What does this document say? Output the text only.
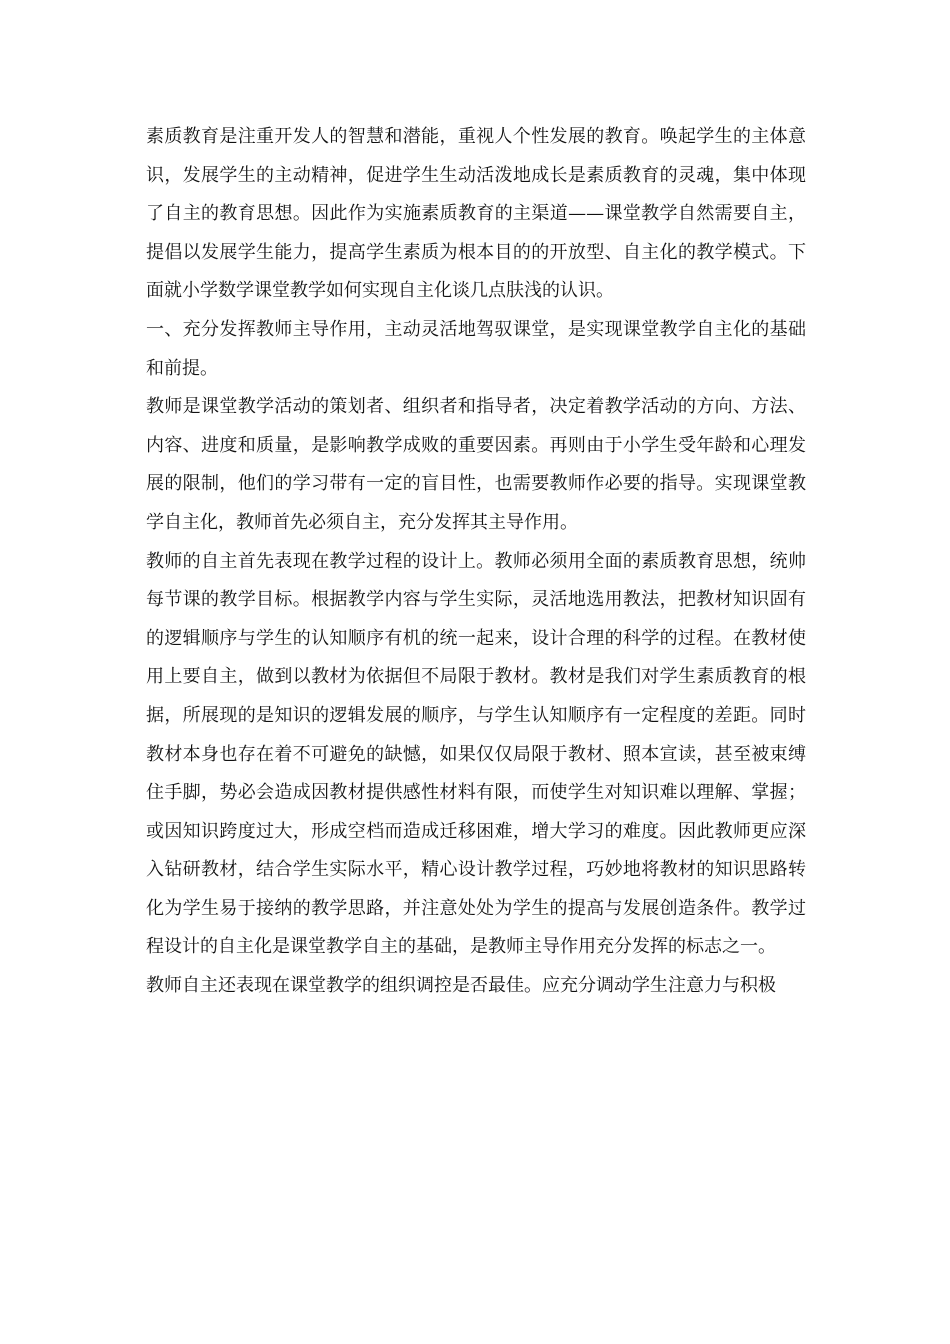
素质教育是注重开发人的智慧和潜能，重视人个性发展的教育。唤起学生的主体意识，发展学生的主动精神，促进学生生动活泼地成长是素质教育的灵魂，集中体现了自主的教育思想。因此作为实施素质教育的主渠道——课堂教学自然需要自主，提倡以发展学生能力，提高学生素质为根本目的的开放型、自主化的教学模式。下面就小学数学课堂教学如何实现自主化谈几点肤浅的认识。

一、充分发挥教师主导作用，主动灵活地驾驭课堂，是实现课堂教学自主化的基础和前提。

教师是课堂教学活动的策划者、组织者和指导者，决定着教学活动的方向、方法、内容、进度和质量，是影响教学成败的重要因素。再则由于小学生受年龄和心理发展的限制，他们的学习带有一定的盲目性，也需要教师作必要的指导。实现课堂教学自主化，教师首先必须自主，充分发挥其主导作用。

教师的自主首先表现在教学过程的设计上。教师必须用全面的素质教育思想，统帅每节课的教学目标。根据教学内容与学生实际，灵活地选用教法，把教材知识固有的逻辑顺序与学生的认知顺序有机的统一起来，设计合理的科学的过程。在教材使用上要自主，做到以教材为依据但不局限于教材。教材是我们对学生素质教育的根据，所展现的是知识的逻辑发展的顺序，与学生认知顺序有一定程度的差距。同时教材本身也存在着不可避免的缺憾，如果仅仅局限于教材、照本宣读，甚至被束缚住手脚，势必会造成因教材提供感性材料有限，而使学生对知识难以理解、掌握；或因知识跨度过大，形成空档而造成迁移困难，增大学习的难度。因此教师更应深入钻研教材，结合学生实际水平，精心设计教学过程，巧妙地将教材的知识思路转化为学生易于接纳的教学思路，并注意处处为学生的提高与发展创造条件。教学过程设计的自主化是课堂教学自主的基础，是教师主导作用充分发挥的标志之一。

教师自主还表现在课堂教学的组织调控是否最佳。应充分调动学生注意力与积极
